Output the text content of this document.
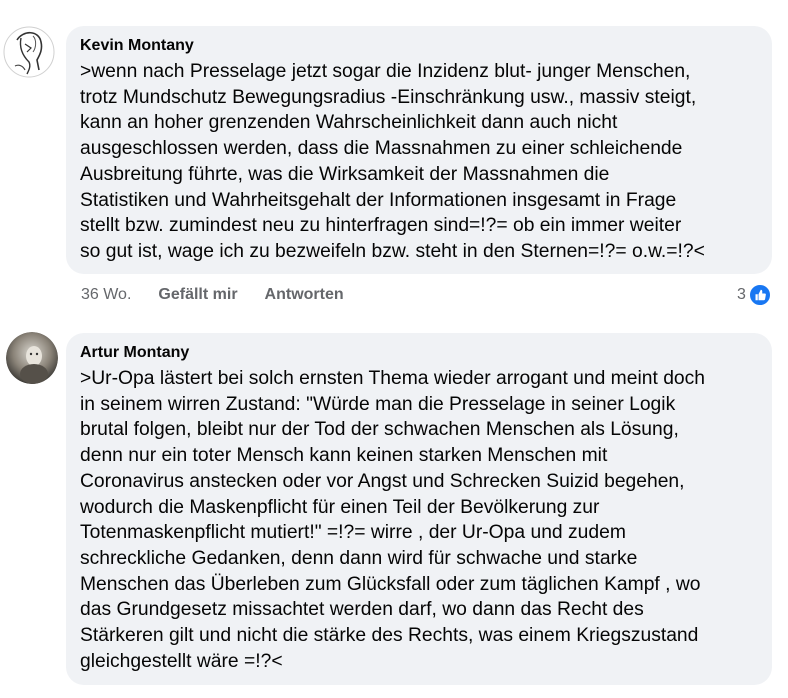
Kevin Montany
>wenn nach Presselage jetzt sogar die Inzidenz blut- junger Menschen,
trotz Mundschutz Bewegungsradius -Einschränkung usw., massiv steigt,
kann an hoher grenzenden Wahrscheinlichkeit dann auch nicht
ausgeschlossen werden, dass die Massnahmen zu einer schleichende
Ausbreitung führte, was die Wirksamkeit der Massnahmen die
Statistiken und Wahrheitsgehalt der Informationen insgesamt in Frage
stellt bzw. zumindest neu zu hinterfragen sind=!?= ob ein immer weiter
so gut ist, wage ich zu bezweifeln bzw. steht in den Sternen=!?= o.w.=!?<
36 Wo. Gefällt mir Antworten	3
Artur Montany
>Ur-Opa lästert bei solch ernsten Thema wieder arrogant und meint doch
in seinem wirren Zustand: "Würde man die Presselage in seiner Logik
brutal folgen, bleibt nur der Tod der schwachen Menschen als Lösung,
denn nur ein toter Mensch kann keinen starken Menschen mit
Coronavirus anstecken oder vor Angst und Schrecken Suizid begehen,
wodurch die Maskenpflicht für einen Teil der Bevölkerung zur
Totenmaskenpflicht mutiert!" =!?= wirre , der Ur-Opa und zudem
schreckliche Gedanken, denn dann wird für schwache und starke
Menschen das Überleben zum Glücksfall oder zum täglichen Kampf , wo
das Grundgesetz missachtet werden darf, wo dann das Recht des
Stärkeren gilt und nicht die stärke des Rechts, was einem Kriegszustand
gleichgestellt wäre =!?<
